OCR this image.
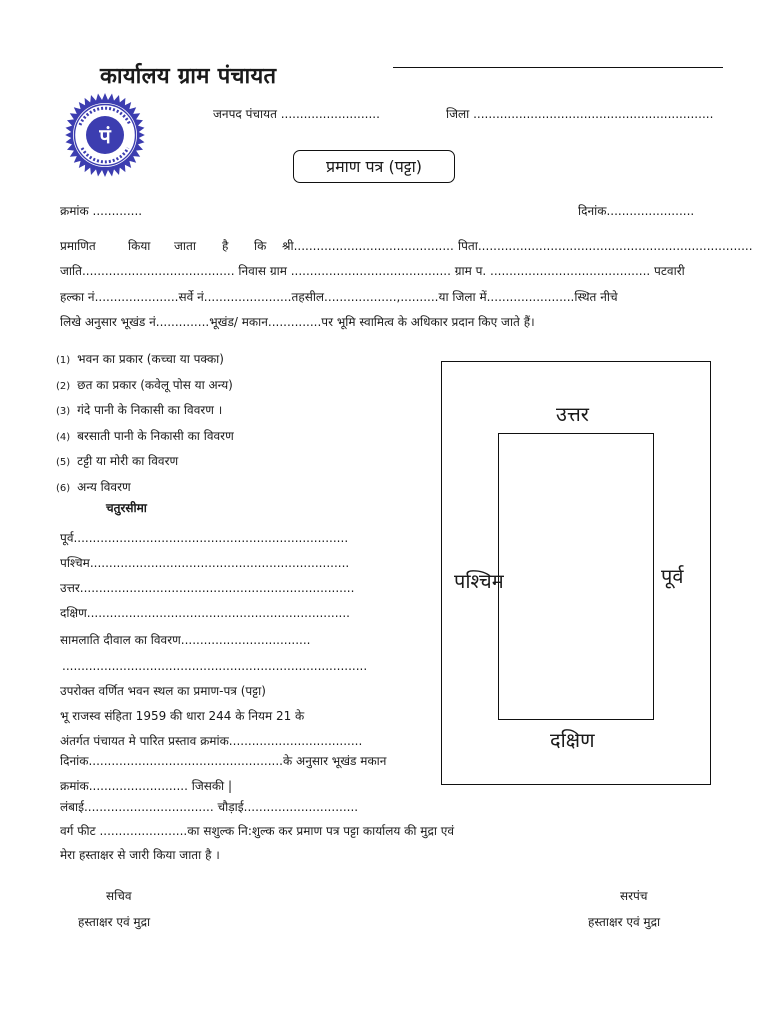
कार्यालय ग्राम पंचायत
पं
जनपद पंचायत ..........................	जिला ...............................................................
प्रमाण पत्र (पट्टा)
क्रमांक .............	दिनांक.......................
प्रमाणित	किया जाता है कि श्री.......................................... पिता........................................................................
जाति........................................ निवास ग्राम .......................................... ग्राम प. .......................................... पटवारी
हल्का नं......................सर्वे नं.......................तहसील...................,..........या जिला में.......................स्थित नीचे
लिखे अनुसार भूखंड नं..............भूखंड/ मकान..............पर भूमि स्वामित्व के अधिकार प्रदान किए जाते हैं।
(1) भवन का प्रकार (कच्चा या पक्का)
(2) छत का प्रकार (कवेलू पोस या अन्य)
(3) गंदे पानी के निकासी का विवरण ।
(4) बरसाती पानी के निकासी का विवरण
(5) टट्टी या मोरी का विवरण
(6) अन्य विवरण
चतुरसीमा
पूर्व........................................................................
पश्चिम....................................................................
उत्तर........................................................................
दक्षिण.....................................................................
सामलाति दीवाल का विवरण..................................
................................................................................
उपरोक्त वर्णित भवन स्थल का प्रमाण-पत्र (पट्टा)
भू राजस्व संहिता 1959 की धारा 244 के नियम 21 के
अंतर्गत पंचायत मे पारित प्रस्ताव क्रमांक...................................
दिनांक...................................................के अनुसार भूखंड मकान
क्रमांक.......................... जिसकी |
लंबाई.................................. चौड़ाई..............................
वर्ग फीट .......................का सशुल्क नि:शुल्क कर प्रमाण पत्र पट्टा कार्यालय की मुद्रा एवं
मेरा हस्ताक्षर से जारी किया जाता है ।
उत्तर
दक्षिण
पश्चिम	पूर्व
सचिव
हस्ताक्षर एवं मुद्रा
सरपंच
हस्ताक्षर एवं मुद्रा
